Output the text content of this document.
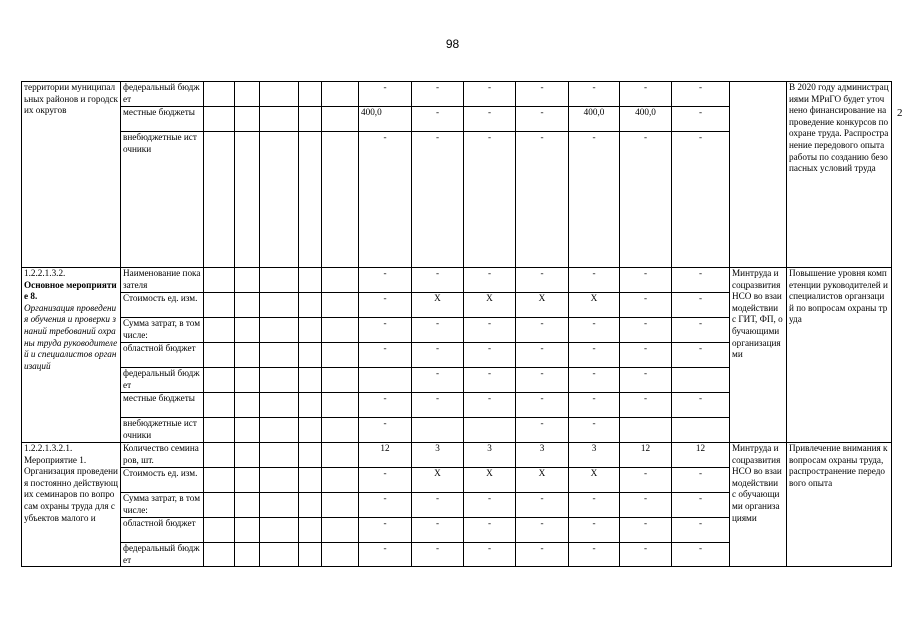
98
2
территории муниципальных районов и городских округов	федеральный бюджет						-	-	-	-	-	-	-		В 2020 году администрациями МРиГО будет уточнено финансирование на проведение конкурсов по охране труда. Распространение передового опыта работы по созданию безопасных условий труда
	местные бюджеты						400,0	-	-	-	400,0	400,0	-		
	внебюджетные источники						-	-	-	-	-	-	-		

1.2.2.1.3.2.
Основное мероприятие 8.
Организация проведения обучения и проверки знаний требований охраны труда руководителей и специалистов организаций	Наименование показателя						-	-	-	-	-	-	-	Минтруда и соцразвития НСО во взаимодействии с ГИТ, ФП, обучающими организациями	Повышение уровня компетенции руководителей и специалистов органзаций по вопросам охраны труда
	Стоимость ед. изм.						-	X	X	X	X	-	-		
	Сумма затрат, в том числе:						-	-	-	-	-	-	-		
	областной бюджет						-	-	-	-	-	-	-		
	федеральный бюджет							-	-	-	-	-			
	местные бюджеты						-	-	-	-	-	-	-		
	внебюджетные источники						-			-	-				

1.2.2.1.3.2.1.
Мероприятие 1.
Организация проведения постоянно действующих семинаров по вопросам охраны труда для субъектов малого и	Количество семинаров, шт.						12	3	3	3	3	12	12	Минтруда и соцразвития НСО во взаимодействии с обучающими организациями	Привлечение внимания к вопросам охраны труда, распространение передового опыта
	Стоимость ед. изм.						-	X	X	X	X	-	-		
	Сумма затрат, в том числе:						-	-	-	-	-	-	-		
	областной бюджет						-	-	-	-	-	-	-		
	федеральный бюджет						-	-	-	-	-	-	-		
